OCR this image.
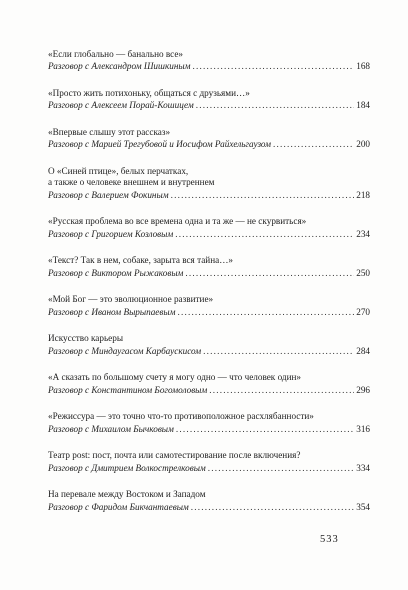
«Если глобально — банально все»
Разговор с Александром Шишкиным .....	168
«Просто жить потихоньку, общаться с друзьями…»
Разговор с Алексеем Порай-Кошицем .....	184
«Впервые слышу этот рассказ»
Разговор с Марией Трегубовой и Иосифом Райхельгаузом .....	200
О «Синей птице», белых перчатках,
а также о человеке внешнем и внутреннем
Разговор с Валерием Фокиным .....	218
«Русская проблема во все времена одна и та же — не скурвиться»
Разговор с Григорием Козловым .....	234
«Текст? Так в нем, собаке, зарыта вся тайна…»
Разговор с Виктором Рыжаковым .....	250
«Мой Бог — это эволюционное развитие»
Разговор с Иваном Вырыпаевым .....	270
Искусство карьеры
Разговор с Миндаугасом Карбаускисом .....	284
«А сказать по большому счету я могу одно — что человек один»
Разговор с Константином Богомоловым .....	296
«Режиссура — это точно что-то противоположное расхлябанности»
Разговор с Михаилом Бычковым .....	316
Театр post: пост, почта или самотестирование после включения?
Разговор с Дмитрием Волкострелковым .....	334
На перевале между Востоком и Западом
Разговор с Фаридом Бикчантаевым .....	354
533
